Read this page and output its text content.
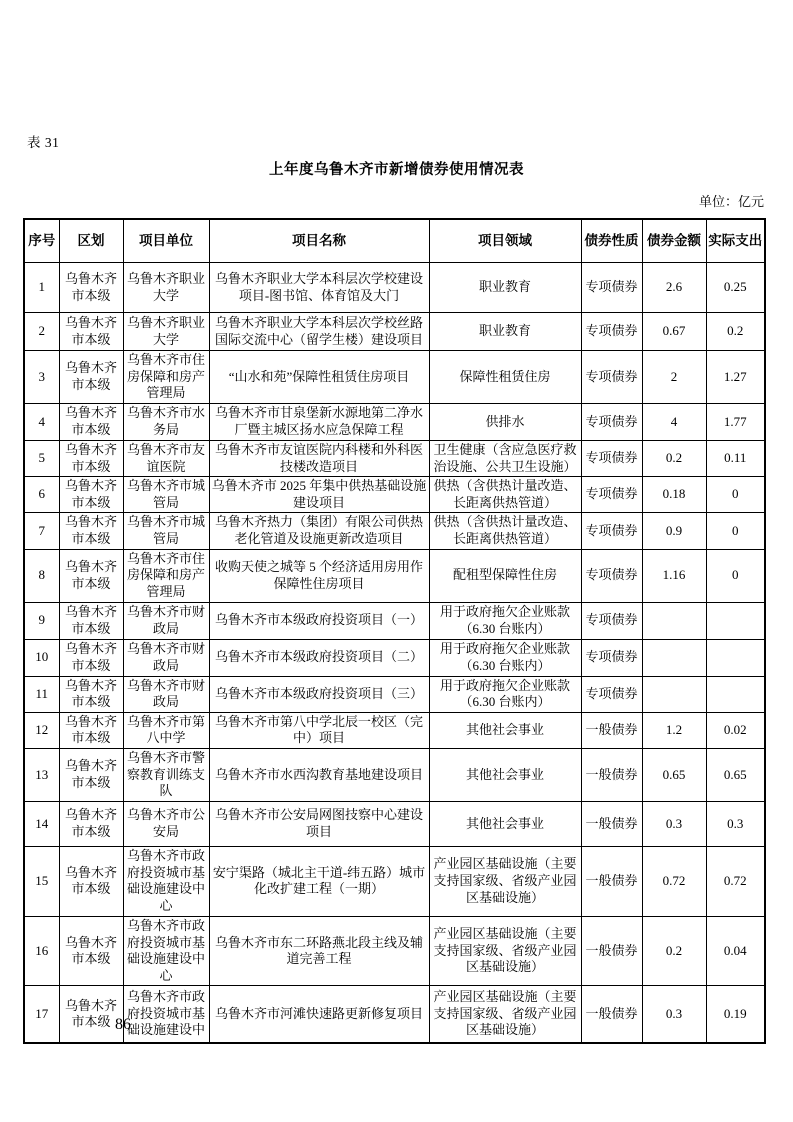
表 31
上年度乌鲁木齐市新增债券使用情况表
单位：亿元
序号	区划	项目单位	项目名称	项目领域	债券性质	债券金额	实际支出
1	乌鲁木齐市本级	乌鲁木齐职业大学	乌鲁木齐职业大学本科层次学校建设项目-图书馆、体育馆及大门	职业教育	专项债券	2.6	0.25
2	乌鲁木齐市本级	乌鲁木齐职业大学	乌鲁木齐职业大学本科层次学校丝路国际交流中心（留学生楼）建设项目	职业教育	专项债券	0.67	0.2
3	乌鲁木齐市本级	乌鲁木齐市住房保障和房产管理局	“山水和苑”保障性租赁住房项目	保障性租赁住房	专项债券	2	1.27
4	乌鲁木齐市本级	乌鲁木齐市水务局	乌鲁木齐市甘泉堡新水源地第二净水厂暨主城区扬水应急保障工程	供排水	专项债券	4	1.77
5	乌鲁木齐市本级	乌鲁木齐市友谊医院	乌鲁木齐市友谊医院内科楼和外科医技楼改造项目	卫生健康（含应急医疗救治设施、公共卫生设施）	专项债券	0.2	0.11
6	乌鲁木齐市本级	乌鲁木齐市城管局	乌鲁木齐市 2025 年集中供热基础设施建设项目	供热（含供热计量改造、长距离供热管道）	专项债券	0.18	0
7	乌鲁木齐市本级	乌鲁木齐市城管局	乌鲁木齐热力（集团）有限公司供热老化管道及设施更新改造项目	供热（含供热计量改造、长距离供热管道）	专项债券	0.9	0
8	乌鲁木齐市本级	乌鲁木齐市住房保障和房产管理局	收购天使之城等 5 个经济适用房用作保障性住房项目	配租型保障性住房	专项债券	1.16	0
9	乌鲁木齐市本级	乌鲁木齐市财政局	乌鲁木齐市本级政府投资项目（一）	用于政府拖欠企业账款（6.30 台账内）	专项债券		
10	乌鲁木齐市本级	乌鲁木齐市财政局	乌鲁木齐市本级政府投资项目（二）	用于政府拖欠企业账款（6.30 台账内）	专项债券		
11	乌鲁木齐市本级	乌鲁木齐市财政局	乌鲁木齐市本级政府投资项目（三）	用于政府拖欠企业账款（6.30 台账内）	专项债券		
12	乌鲁木齐市本级	乌鲁木齐市第八中学	乌鲁木齐市第八中学北辰一校区（完中）项目	其他社会事业	一般债券	1.2	0.02
13	乌鲁木齐市本级	乌鲁木齐市警察教育训练支队	乌鲁木齐市水西沟教育基地建设项目	其他社会事业	一般债券	0.65	0.65
14	乌鲁木齐市本级	乌鲁木齐市公安局	乌鲁木齐市公安局网图技察中心建设项目	其他社会事业	一般债券	0.3	0.3
15	乌鲁木齐市本级	乌鲁木齐市政府投资城市基础设施建设中心	安宁渠路（城北主干道-纬五路）城市化改扩建工程（一期）	产业园区基础设施（主要支持国家级、省级产业园区基础设施）	一般债券	0.72	0.72
16	乌鲁木齐市本级	乌鲁木齐市政府投资城市基础设施建设中心	乌鲁木齐市东二环路燕北段主线及辅道完善工程	产业园区基础设施（主要支持国家级、省级产业园区基础设施）	一般债券	0.2	0.04
17	乌鲁木齐市本级	乌鲁木齐市政府投资城市基础设施建设中	乌鲁木齐市河滩快速路更新修复项目	产业园区基础设施（主要支持国家级、省级产业园区基础设施）	一般债券	0.3	0.19
86
